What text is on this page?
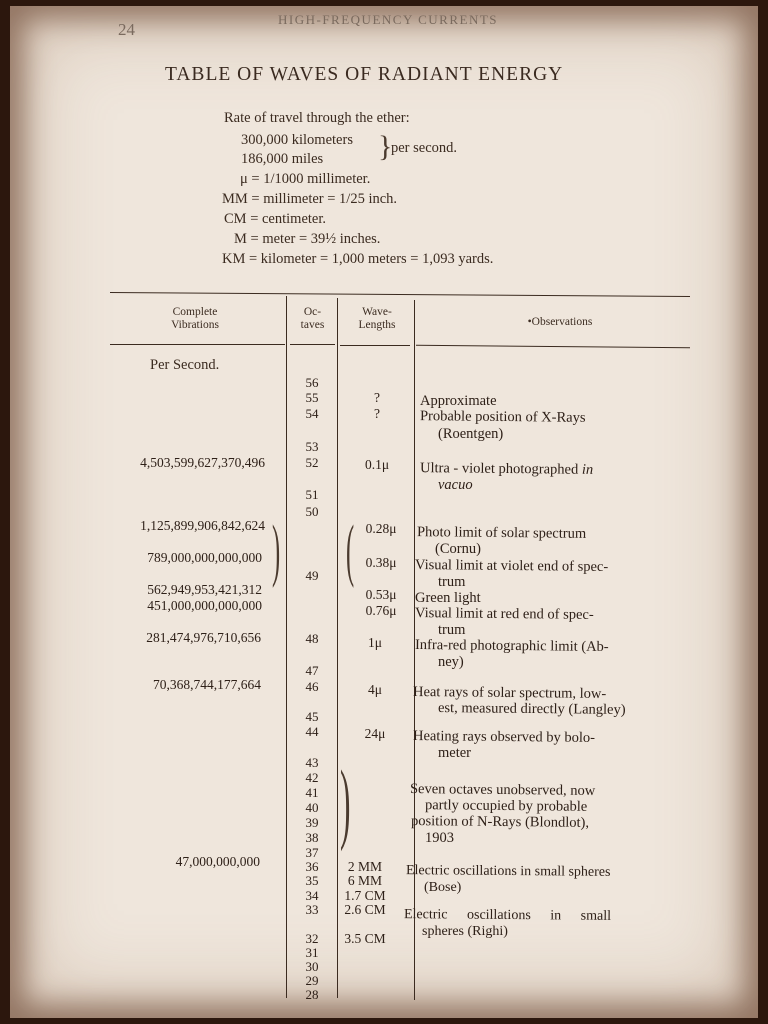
24
HIGH-FREQUENCY CURRENTS
TABLE OF WAVES OF RADIANT ENERGY
Rate of travel through the ether:
300,000 kilometers
186,000 miles }
per second.
μ = 1/1000 millimeter.
MM = millimeter = 1/25 inch.
CM = centimeter.
M = meter = 39½ inches.
KM = kilometer = 1,000 meters = 1,093 yards.
Complete
Vibrations
Oc-
taves
Wave-
Lengths	•Observations
Per Second.
56
55
54
53
52
51
50
49
48
47
46
45
44
43
42
41
40
39
38
37
36
35
34
33
32
31
30
29
28
4,503,599,627,370,496
1,125,899,906,842,624
789,000,000,000,000
562,949,953,421,312
451,000,000,000,000
281,474,976,710,656
70,368,744,177,664
47,000,000,000
) (
)
?
?
0.1μ
0.28μ
0.38μ
0.53μ
0.76μ
1μ
4μ
24μ
2 MM
6 MM
1.7 CM
2.6 CM
3.5 CM
Approximate
Probable position of X-Rays
(Roentgen)
Ultra - violet photographed in
vacuo
Photo limit of solar spectrum
(Cornu)
Visual limit at violet end of spec-
trum
Green light
Visual limit at red end of spec-
trum
Infra-red photographic limit (Ab-
ney)
Heat rays of solar spectrum, low-
est, measured directly (Langley)
Heating rays observed by bolo-
meter
Seven octaves unobserved, now
partly occupied by probable
position of N-Rays (Blondlot),
1903
Electric oscillations in small spheres
(Bose)
Electric oscillations in small
spheres (Righi)
